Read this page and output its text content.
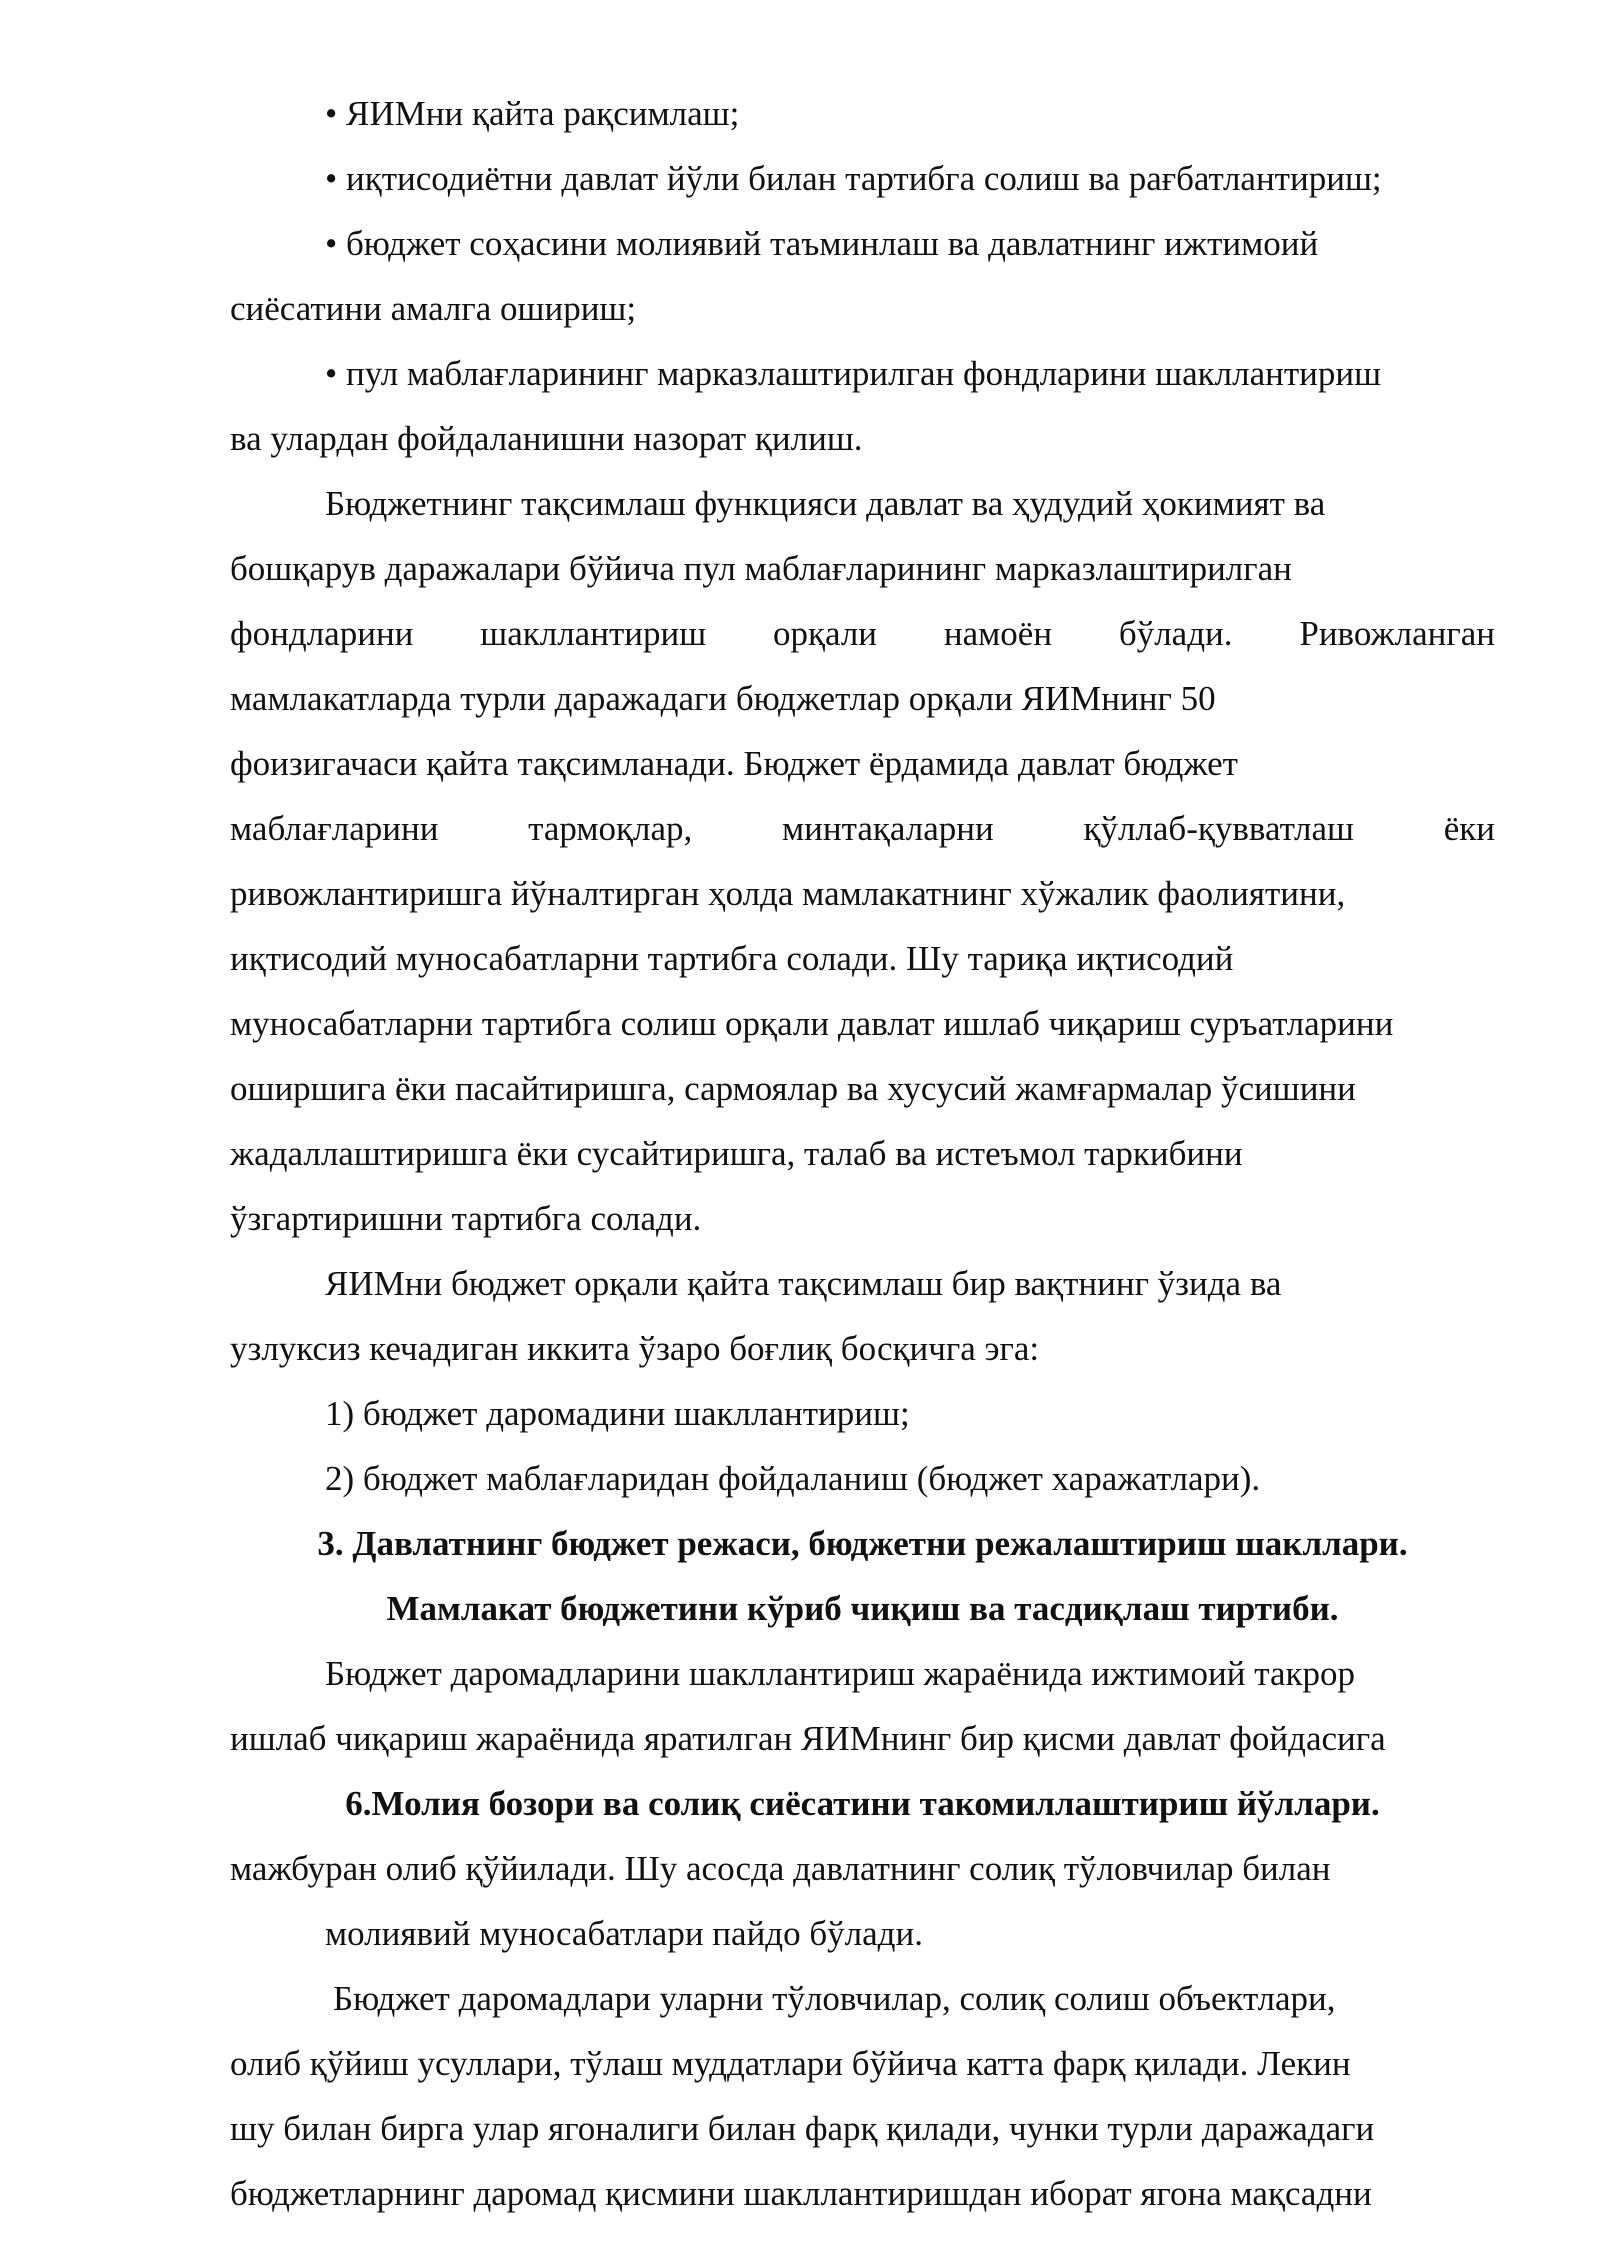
• ЯИМни қайта рақсимлаш;
• иқтисодиётни давлат йўли билан тартибга солиш ва рағбатлантириш;
• бюджет соҳасини молиявий таъминлаш ва давлатнинг ижтимоий
сиёсатини амалга ошириш;
• пул маблағларининг марказлаштирилган фондларини шакллантириш
ва улардан фойдаланишни назорат қилиш.
Бюджетнинг тақсимлаш функцияси давлат ва ҳудудий ҳокимият ва
бошқарув даражалари бўйича пул маблағларининг марказлаштирилган
фондларини шакллантириш орқали намоён бўлади. Ривожланган
мамлакатларда турли даражадаги бюджетлар орқали ЯИМнинг 50
фоизигачаси қайта тақсимланади. Бюджет ёрдамида давлат бюджет
маблағларини тармоқлар, минтақаларни қўллаб-қувватлаш ёки
ривожлантиришга йўналтирган ҳолда мамлакатнинг хўжалик фаолиятини,
иқтисодий муносабатларни тартибга солади. Шу тариқа иқтисодий
муносабатларни тартибга солиш орқали давлат ишлаб чиқариш суръатларини
оширшига ёки пасайтиришга, сармоялар ва хусусий жамғармалар ўсишини
жадаллаштиришга ёки сусайтиришга, талаб ва истеъмол таркибини
ўзгартиришни тартибга солади.
ЯИМни бюджет орқали қайта тақсимлаш бир вақтнинг ўзида ва
узлуксиз кечадиган иккита ўзаро боғлиқ босқичга эга:
1) бюджет даромадини шакллантириш;
2) бюджет маблағларидан фойдаланиш (бюджет харажатлари).
3. Давлатнинг бюджет режаси, бюджетни режалаштириш шакллари.
Мамлакат бюджетини кўриб чиқиш ва тасдиқлаш тиртиби.
Бюджет даромадларини шакллантириш жараёнида ижтимоий такрор
ишлаб чиқариш жараёнида яратилган ЯИМнинг бир қисми давлат фойдасига
6.Молия бозори ва солиқ сиёсатини такомиллаштириш йўллари.
мажбуран олиб қўйилади. Шу асосда давлатнинг солиқ тўловчилар билан
молиявий муносабатлари пайдо бўлади.
Бюджет даромадлари уларни тўловчилар, солиқ солиш объектлари,
олиб қўйиш усуллари, тўлаш муддатлари бўйича катта фарқ қилади. Лекин
шу билан бирга улар ягоналиги билан фарқ қилади, чунки турли даражадаги
бюджетларнинг даромад қисмини шакллантиришдан иборат ягона мақсадни
